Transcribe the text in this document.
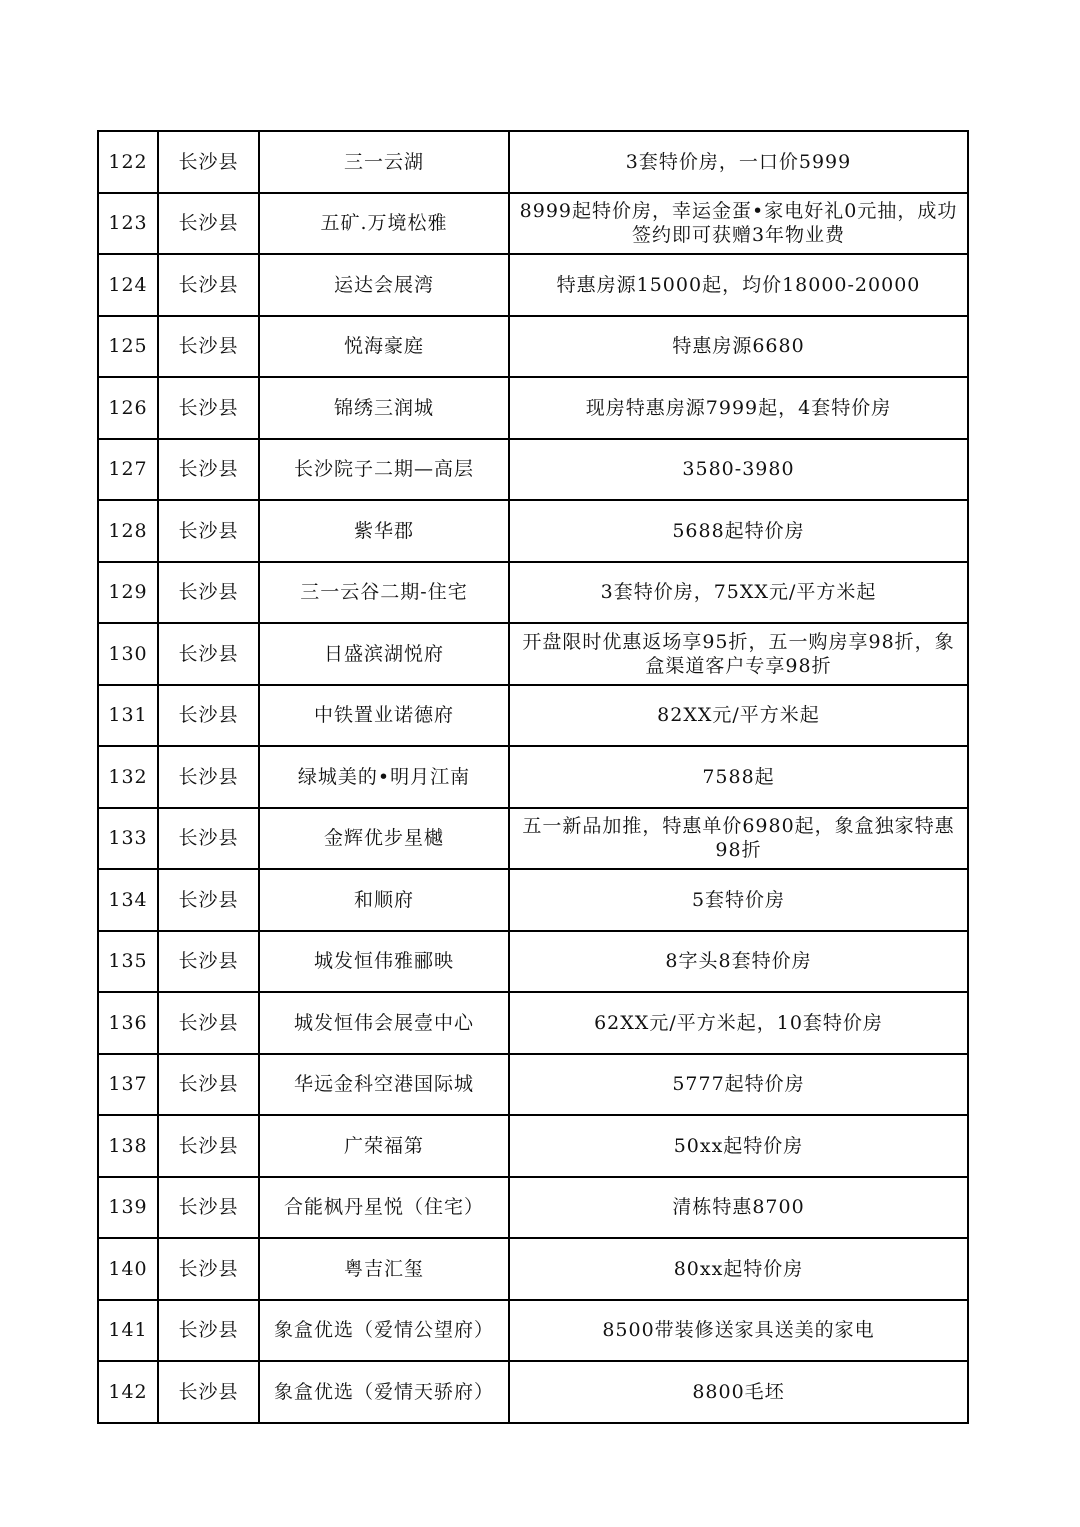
122	长沙县	三一云湖	3套特价房，一口价5999
123	长沙县	五矿.万境松雅	8999起特价房，幸运金蛋•家电好礼0元抽，成功签约即可获赠3年物业费
124	长沙县	运达会展湾	特惠房源15000起，均价18000-20000
125	长沙县	悦海豪庭	特惠房源6680
126	长沙县	锦绣三润城	现房特惠房源7999起，4套特价房
127	长沙县	长沙院子二期—高层	3580-3980
128	长沙县	紫华郡	5688起特价房
129	长沙县	三一云谷二期-住宅	3套特价房，75XX元/平方米起
130	长沙县	日盛滨湖悦府	开盘限时优惠返场享95折，五一购房享98折，象盒渠道客户专享98折
131	长沙县	中铁置业诺德府	82XX元/平方米起
132	长沙县	绿城美的•明月江南	7588起
133	长沙县	金辉优步星樾	五一新品加推，特惠单价6980起，象盒独家特惠98折
134	长沙县	和顺府	5套特价房
135	长沙县	城发恒伟雅郦映	8字头8套特价房
136	长沙县	城发恒伟会展壹中心	62XX元/平方米起，10套特价房
137	长沙县	华远金科空港国际城	5777起特价房
138	长沙县	广荣福第	50xx起特价房
139	长沙县	合能枫丹星悦（住宅）	清栋特惠8700
140	长沙县	粤吉汇玺	80xx起特价房
141	长沙县	象盒优选（爱情公望府）	8500带装修送家具送美的家电
142	长沙县	象盒优选（爱情天骄府）	8800毛坯
